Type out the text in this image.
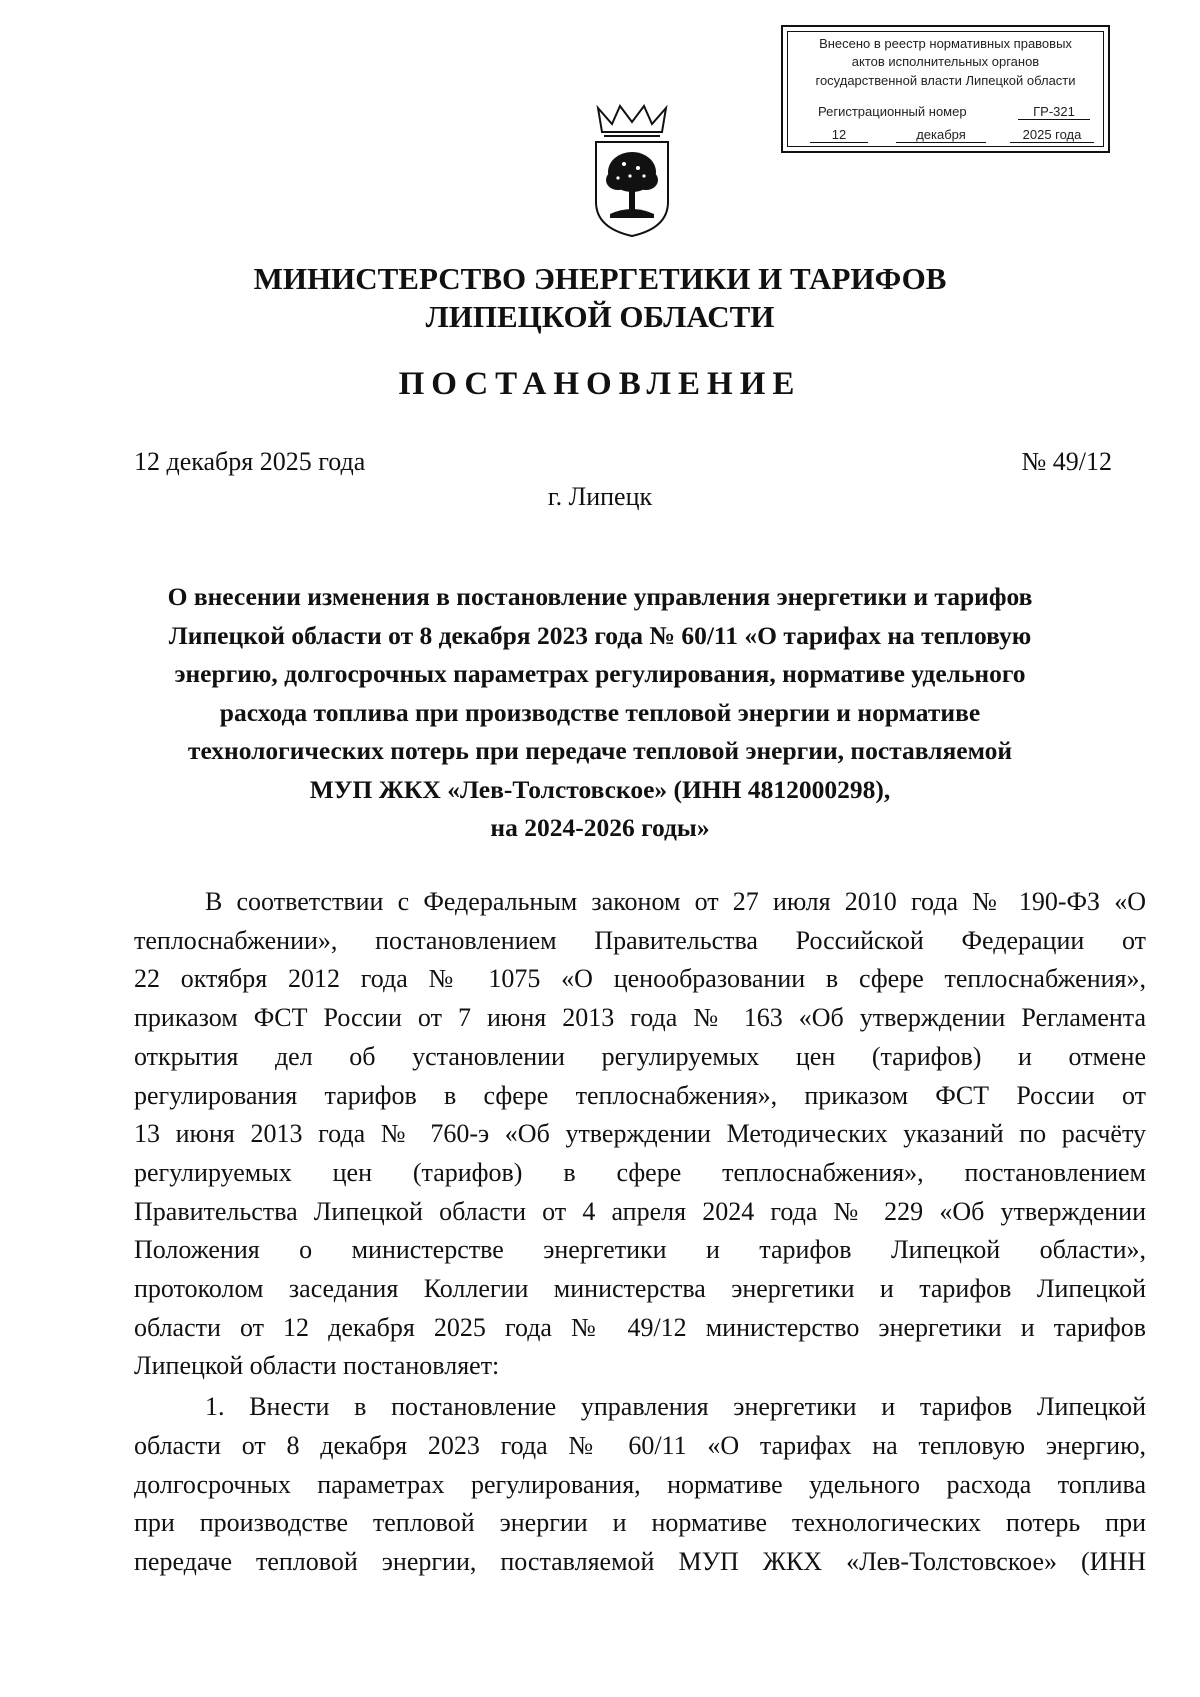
Внесено в реестр нормативных правовых
актов исполнительных органов
государственной власти Липецкой области
Регистрационный номер	ГР-321
12	декабря	2025 года
МИНИСТЕРСТВО ЭНЕРГЕТИКИ И ТАРИФОВ
ЛИПЕЦКОЙ ОБЛАСТИ
ПОСТАНОВЛЕНИЕ
12 декабря 2025 года	№ 49/12
г. Липецк
О внесении изменения в постановление управления энергетики и тарифов
Липецкой области от 8 декабря 2023 года № 60/11 «О тарифах на тепловую
энергию, долгосрочных параметрах регулирования, нормативе удельного
расхода топлива при производстве тепловой энергии и нормативе
технологических потерь при передаче тепловой энергии, поставляемой
МУП ЖКХ «Лев-Толстовское» (ИНН 4812000298),
на 2024-2026 годы»
В соответствии с Федеральным законом от 27 июля 2010 года № 190-ФЗ «О
теплоснабжении», постановлением Правительства Российской Федерации от
22 октября 2012 года № 1075 «О ценообразовании в сфере теплоснабжения»,
приказом ФСТ России от 7 июня 2013 года № 163 «Об утверждении Регламента
открытия дел об установлении регулируемых цен (тарифов) и отмене
регулирования тарифов в сфере теплоснабжения», приказом ФСТ России от
13 июня 2013 года № 760-э «Об утверждении Методических указаний по расчёту
регулируемых цен (тарифов) в сфере теплоснабжения», постановлением
Правительства Липецкой области от 4 апреля 2024 года № 229 «Об утверждении
Положения о министерстве энергетики и тарифов Липецкой области»,
протоколом заседания Коллегии министерства энергетики и тарифов Липецкой
области от 12 декабря 2025 года № 49/12 министерство энергетики и тарифов
Липецкой области постановляет:
1. Внести в постановление управления энергетики и тарифов Липецкой
области от 8 декабря 2023 года № 60/11 «О тарифах на тепловую энергию,
долгосрочных параметрах регулирования, нормативе удельного расхода топлива
при производстве тепловой энергии и нормативе технологических потерь при
передаче тепловой энергии, поставляемой МУП ЖКХ «Лев-Толстовское» (ИНН
